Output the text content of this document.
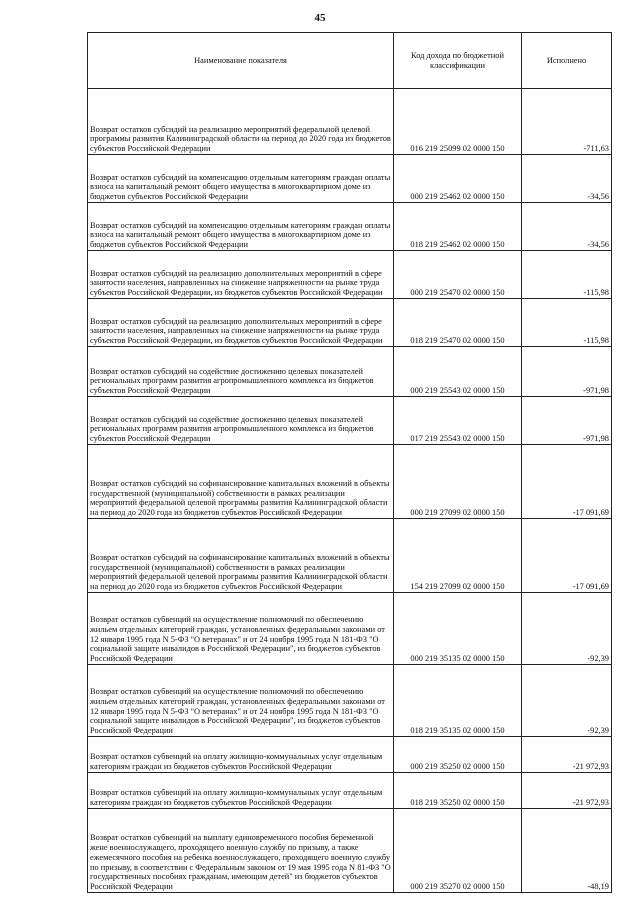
45
Наименование показателя	Код дохода по бюджетной классификации	Исполнено
Возврат остатков субсидий на реализацию мероприятий федеральной целевой программы развития Калининградской области на период до 2020 года из бюджетов субъектов Российской Федерации	016 219 25099 02 0000 150	-711,63
Возврат остатков субсидий на компенсацию отдельным категориям граждан оплаты взноса на капитальный ремонт общего имущества в многоквартирном доме из бюджетов субъектов Российской Федерации	000 219 25462 02 0000 150	-34,56
Возврат остатков субсидий на компенсацию отдельным категориям граждан оплаты взноса на капитальный ремонт общего имущества в многоквартирном доме из бюджетов субъектов Российской Федерации	018 219 25462 02 0000 150	-34,56
Возврат остатков субсидий на реализацию дополнительных мероприятий в сфере занятости населения, направленных на снижение напряженности на рынке труда субъектов Российской Федерации, из бюджетов субъектов Российской Федерации	000 219 25470 02 0000 150	-115,98
Возврат остатков субсидий на реализацию дополнительных мероприятий в сфере занятости населения, направленных на снижение напряженности на рынке труда субъектов Российской Федерации, из бюджетов субъектов Российской Федерации	018 219 25470 02 0000 150	-115,98
Возврат остатков субсидий на содействие достижению целевых показателей региональных программ развития агропромышленного комплекса из бюджетов субъектов Российской Федерации	000 219 25543 02 0000 150	-971,98
Возврат остатков субсидий на содействие достижению целевых показателей региональных программ развития агропромышленного комплекса из бюджетов субъектов Российской Федерации	017 219 25543 02 0000 150	-971,98
Возврат остатков субсидий на софинансирование капитальных вложений в объекты государственной (муниципальной) собственности в рамках реализации мероприятий федеральной целевой программы развития Калининградской области на период до 2020 года из бюджетов субъектов Российской Федерации	000 219 27099 02 0000 150	-17 091,69
Возврат остатков субсидий на софинансирование капитальных вложений в объекты государственной (муниципальной) собственности в рамках реализации мероприятий федеральной целевой программы развития Калининградской области на период до 2020 года из бюджетов субъектов Российской Федерации	154 219 27099 02 0000 150	-17 091,69
Возврат остатков субвенций на осуществление полномочий по обеспечению жильем отдельных категорий граждан, установленных федеральными законами от 12 января 1995 года N 5-ФЗ "О ветеранах" и от 24 ноября 1995 года N 181-ФЗ "О социальной защите инвалидов в Российской Федерации", из бюджетов субъектов Российской Федерации	000 219 35135 02 0000 150	-92,39
Возврат остатков субвенций на осуществление полномочий по обеспечению жильем отдельных категорий граждан, установленных федеральными законами от 12 января 1995 года N 5-ФЗ "О ветеранах" и от 24 ноября 1995 года N 181-ФЗ "О социальной защите инвалидов в Российской Федерации", из бюджетов субъектов Российской Федерации	018 219 35135 02 0000 150	-92,39
Возврат остатков субвенций на оплату жилищно-коммунальных услуг отдельным категориям граждан из бюджетов субъектов Российской Федерации	000 219 35250 02 0000 150	-21 972,93
Возврат остатков субвенций на оплату жилищно-коммунальных услуг отдельным категориям граждан из бюджетов субъектов Российской Федерации	018 219 35250 02 0000 150	-21 972,93
Возврат остатков субвенций на выплату единовременного пособия беременной жене военнослужащего, проходящего военную службу по призыву, а также ежемесячного пособия на ребенка военнослужащего, проходящего военную службу по призыву, в соответствии с Федеральным законом от 19 мая 1995 года N 81-ФЗ "О государственных пособиях гражданам, имеющим детей" из бюджетов субъектов Российской Федерации	000 219 35270 02 0000 150	-48,19
